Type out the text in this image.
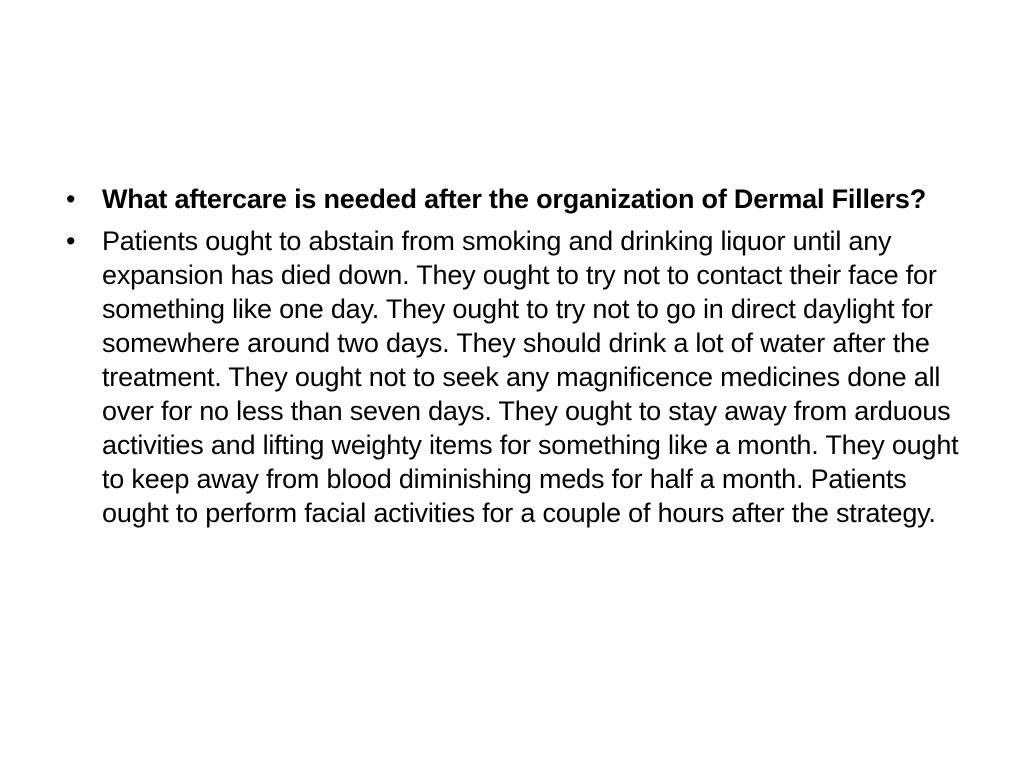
• What aftercare is needed after the organization of Dermal Fillers?
• Patients ought to abstain from smoking and drinking liquor until any expansion has died down. They ought to try not to contact their face for something like one day. They ought to try not to go in direct daylight for somewhere around two days. They should drink a lot of water after the treatment. They ought not to seek any magnificence medicines done all over for no less than seven days. They ought to stay away from arduous activities and lifting weighty items for something like a month. They ought to keep away from blood diminishing meds for half a month. Patients ought to perform facial activities for a couple of hours after the strategy.
